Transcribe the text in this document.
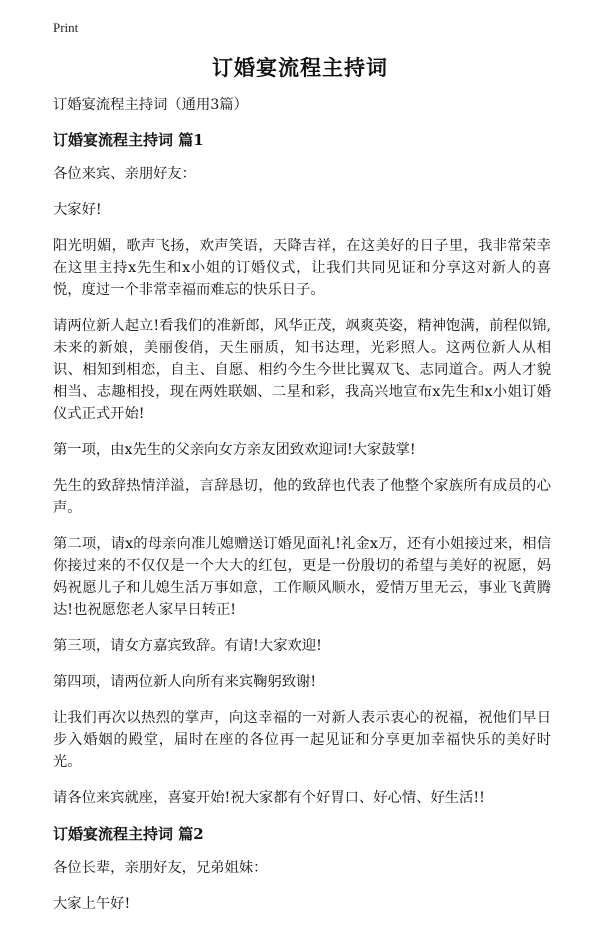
Print
订婚宴流程主持词

订婚宴流程主持词（通用3篇）

订婚宴流程主持词 篇1

各位来宾、亲朋好友：

大家好!

阳光明媚，歌声飞扬，欢声笑语，天降吉祥，在这美好的日子里，我非常荣幸在这里主持x先生和x小姐的订婚仪式，让我们共同见证和分享这对新人的喜悦，度过一个非常幸福而难忘的快乐日子。

请两位新人起立!看我们的准新郎，风华正茂，飒爽英姿，精神饱满，前程似锦,未来的新娘，美丽俊俏，天生丽质，知书达理，光彩照人。这两位新人从相识、相知到相恋，自主、自愿、相约今生今世比翼双飞、志同道合。两人才貌相当、志趣相投，现在两姓联姻、二星和彩，我高兴地宣布x先生和x小姐订婚仪式正式开始!

第一项，由x先生的父亲向女方亲友团致欢迎词!大家鼓掌!

先生的致辞热情洋溢，言辞恳切，他的致辞也代表了他整个家族所有成员的心声。

第二项，请x的母亲向准儿媳赠送订婚见面礼!礼金x万，还有小姐接过来，相信你接过来的不仅仅是一个大大的红包，更是一份殷切的希望与美好的祝愿，妈妈祝愿儿子和儿媳生活万事如意，工作顺风顺水，爱情万里无云，事业飞黄腾达!也祝愿您老人家早日转正!

第三项，请女方嘉宾致辞。有请!大家欢迎!

第四项，请两位新人向所有来宾鞠躬致谢!

让我们再次以热烈的掌声，向这幸福的一对新人表示衷心的祝福，祝他们早日步入婚姻的殿堂，届时在座的各位再一起见证和分享更加幸福快乐的美好时光。

请各位来宾就座，喜宴开始!祝大家都有个好胃口、好心情、好生活!!

订婚宴流程主持词 篇2

各位长辈，亲朋好友，兄弟姐妹：

大家上午好!
